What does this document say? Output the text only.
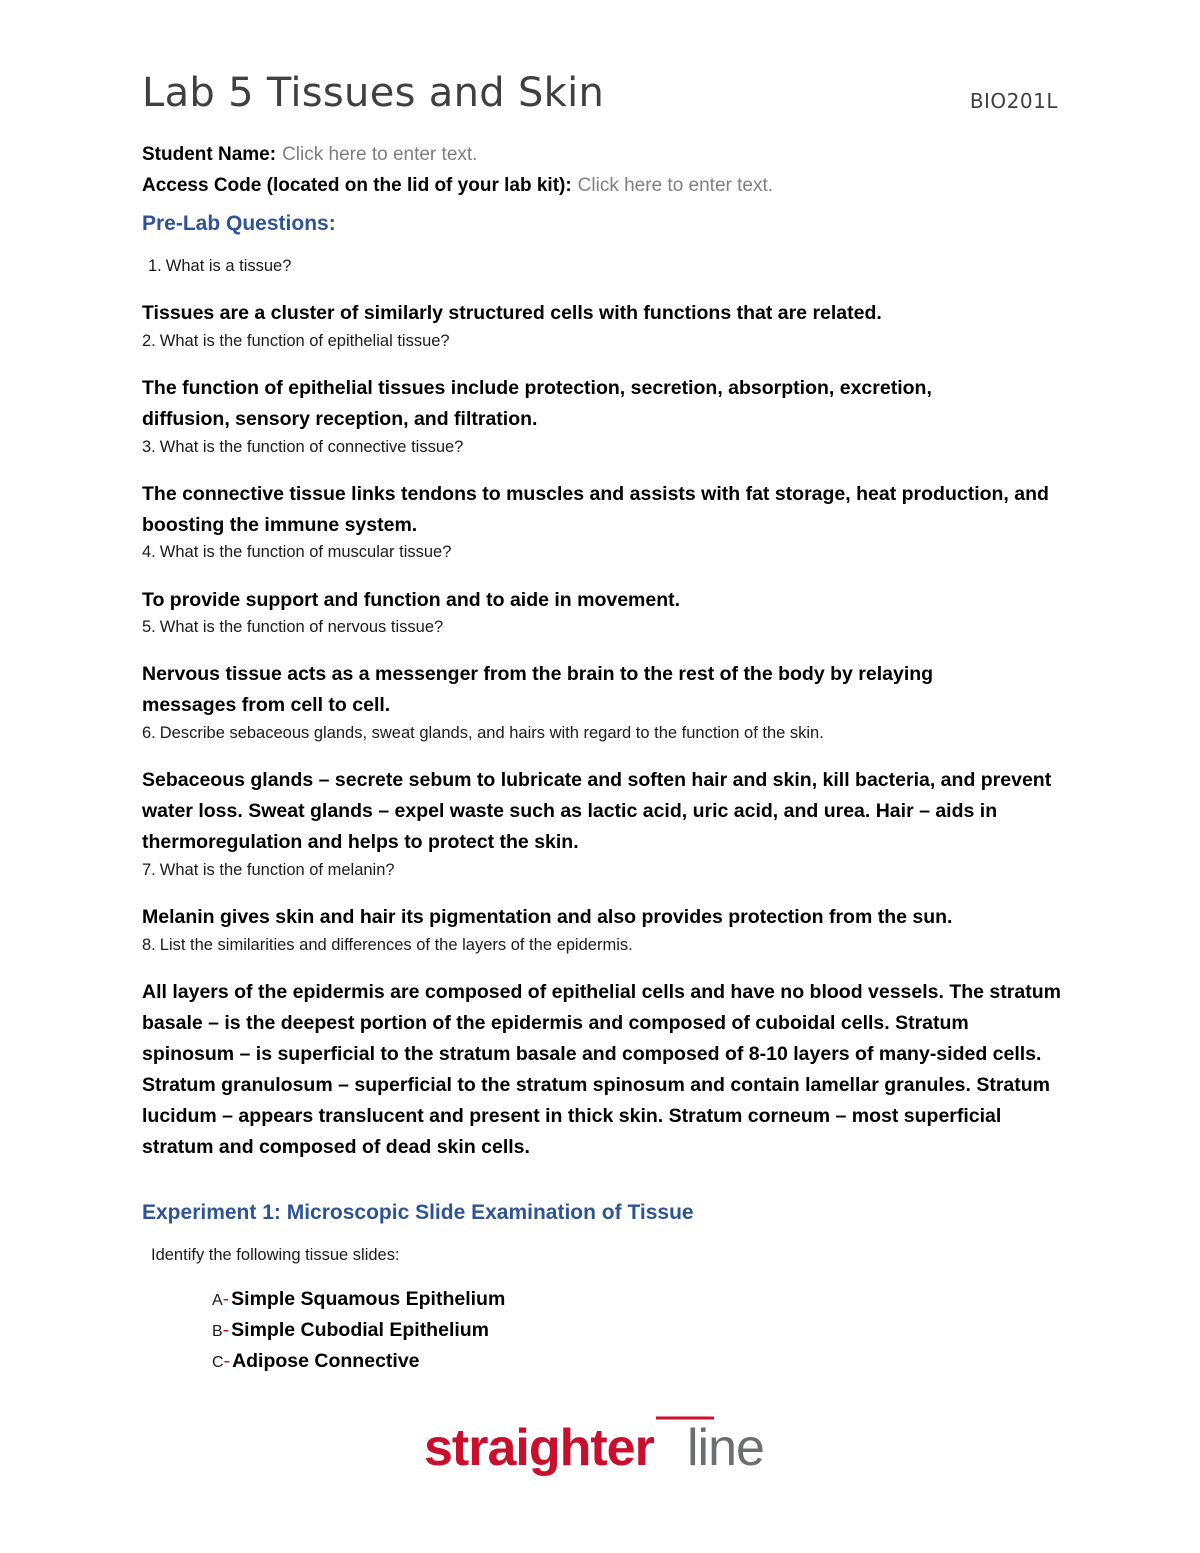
Lab 5 Tissues and Skin	BIO201L
Student Name: Click here to enter text.
Access Code (located on the lid of your lab kit): Click here to enter text.
Pre-Lab Questions:
1. What is a tissue?
Tissues are a cluster of similarly structured cells with functions that are related.
2. What is the function of epithelial tissue?
The function of epithelial tissues include protection, secretion, absorption, excretion, diffusion, sensory reception, and filtration.
3. What is the function of connective tissue?
The connective tissue links tendons to muscles and assists with fat storage, heat production, and boosting the immune system.
4. What is the function of muscular tissue?
To provide support and function and to aide in movement.
5. What is the function of nervous tissue?
Nervous tissue acts as a messenger from the brain to the rest of the body by relaying messages from cell to cell.
6. Describe sebaceous glands, sweat glands, and hairs with regard to the function of the skin.
Sebaceous glands – secrete sebum to lubricate and soften hair and skin, kill bacteria, and prevent water loss. Sweat glands – expel waste such as lactic acid, uric acid, and urea. Hair – aids in thermoregulation and helps to protect the skin.
7. What is the function of melanin?
Melanin gives skin and hair its pigmentation and also provides protection from the sun.
8. List the similarities and differences of the layers of the epidermis.
All layers of the epidermis are composed of epithelial cells and have no blood vessels. The stratum basale – is the deepest portion of the epidermis and composed of cuboidal cells. Stratum spinosum – is superficial to the stratum basale and composed of 8-10 layers of many-sided cells. Stratum granulosum – superficial to the stratum spinosum and contain lamellar granules. Stratum lucidum – appears translucent and present in thick skin. Stratum corneum – most superficial stratum and composed of dead skin cells.
Experiment 1: Microscopic Slide Examination of Tissue
Identify the following tissue slides:
A- Simple Squamous Epithelium
B- Simple Cubodial Epithelium
C- Adipose Connective
straighter line
